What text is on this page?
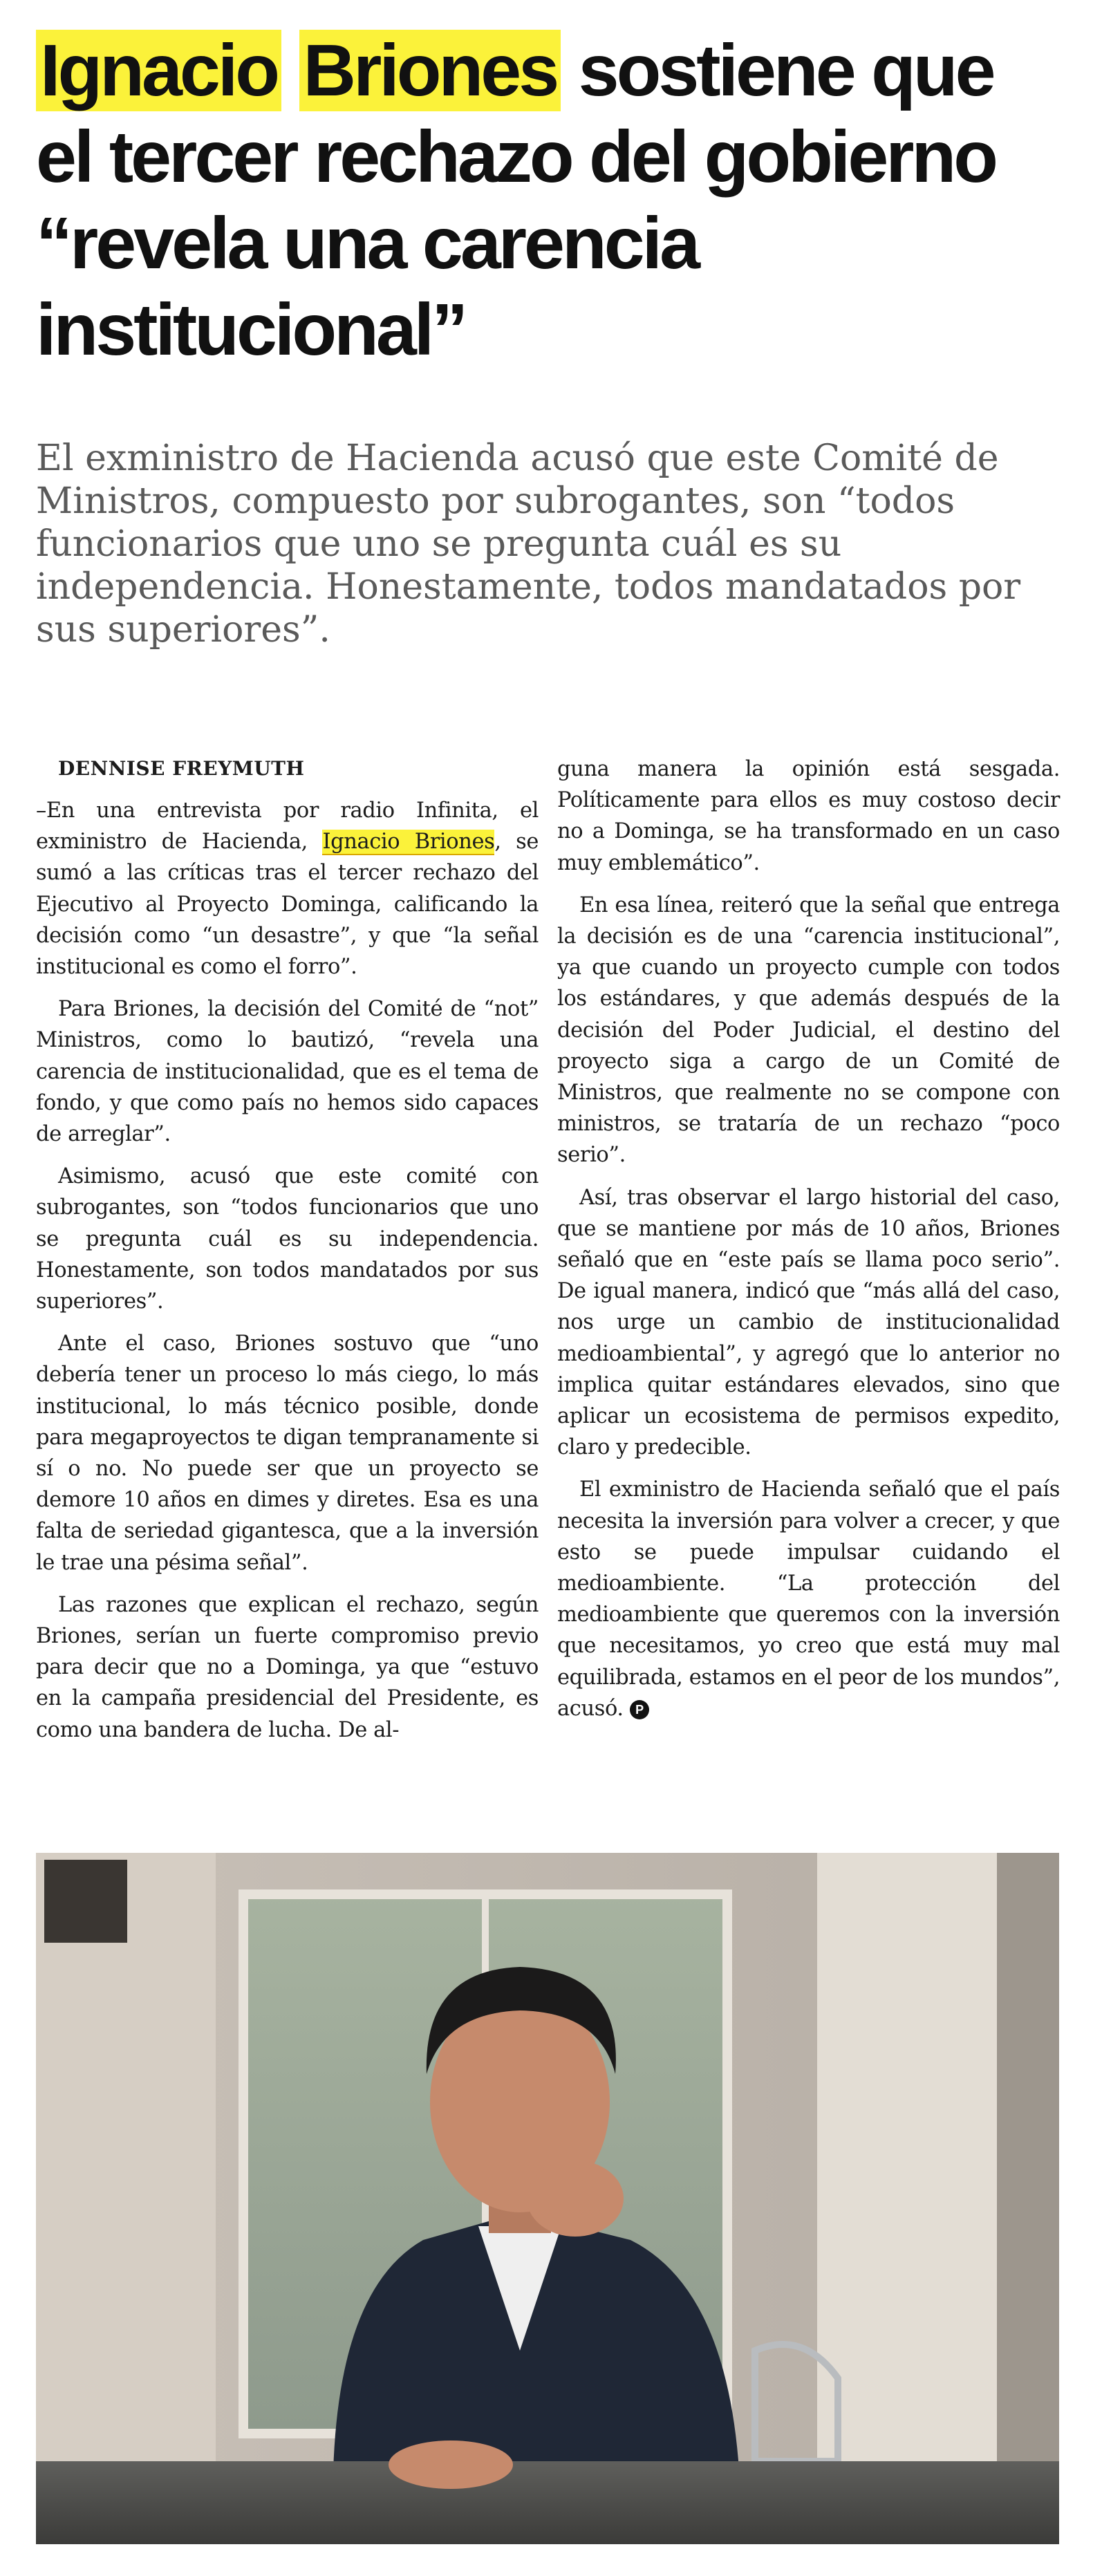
Ignacio Briones sostiene que el tercer rechazo del gobierno “revela una carencia institucional”

El exministro de Hacienda acusó que este Comité de Ministros, compuesto por subrogantes, son “todos funcionarios que uno se pregunta cuál es su independencia. Honestamente, todos mandatados por sus superiores”.

DENNISE FREYMUTH

–En una entrevista por radio Infinita, el exministro de Hacienda, Ignacio Briones, se sumó a las críticas tras el tercer rechazo del Ejecutivo al Proyecto Dominga, calificando la decisión como “un desastre”, y que “la señal institucional es como el forro”.

Para Briones, la decisión del Comité de “not” Ministros, como lo bautizó, “revela una carencia de institucionalidad, que es el tema de fondo, y que como país no hemos sido capaces de arreglar”.

Asimismo, acusó que este comité con subrogantes, son “todos funcionarios que uno se pregunta cuál es su independencia. Honestamente, son todos mandatados por sus superiores”.

Ante el caso, Briones sostuvo que “uno debería tener un proceso lo más ciego, lo más institucional, lo más técnico posible, donde para megaproyectos te digan tempranamente si sí o no. No puede ser que un proyecto se demore 10 años en dimes y diretes. Esa es una falta de seriedad gigantesca, que a la inversión le trae una pésima señal”.

Las razones que explican el rechazo, según Briones, serían un fuerte compromiso previo para decir que no a Dominga, ya que “estuvo en la campaña presidencial del Presidente, es como una bandera de lucha. De al-

guna manera la opinión está sesgada. Políticamente para ellos es muy costoso decir no a Dominga, se ha transformado en un caso muy emblemático”.

En esa línea, reiteró que la señal que entrega la decisión es de una “carencia institucional”, ya que cuando un proyecto cumple con todos los estándares, y que además después de la decisión del Poder Judicial, el destino del proyecto siga a cargo de un Comité de Ministros, que realmente no se compone con ministros, se trataría de un rechazo “poco serio”.

Así, tras observar el largo historial del caso, que se mantiene por más de 10 años, Briones señaló que en “este país se llama poco serio”. De igual manera, indicó que “más allá del caso, nos urge un cambio de institucionalidad medioambiental”, y agregó que lo anterior no implica quitar estándares elevados, sino que aplicar un ecosistema de permisos expedito, claro y predecible.

El exministro de Hacienda señaló que el país necesita la inversión para volver a crecer, y que esto se puede impulsar cuidando el medioambiente. “La protección del medioambiente que queremos con la inversión que necesitamos, yo creo que está muy mal equilibrada, estamos en el peor de los mundos”, acusó. P
